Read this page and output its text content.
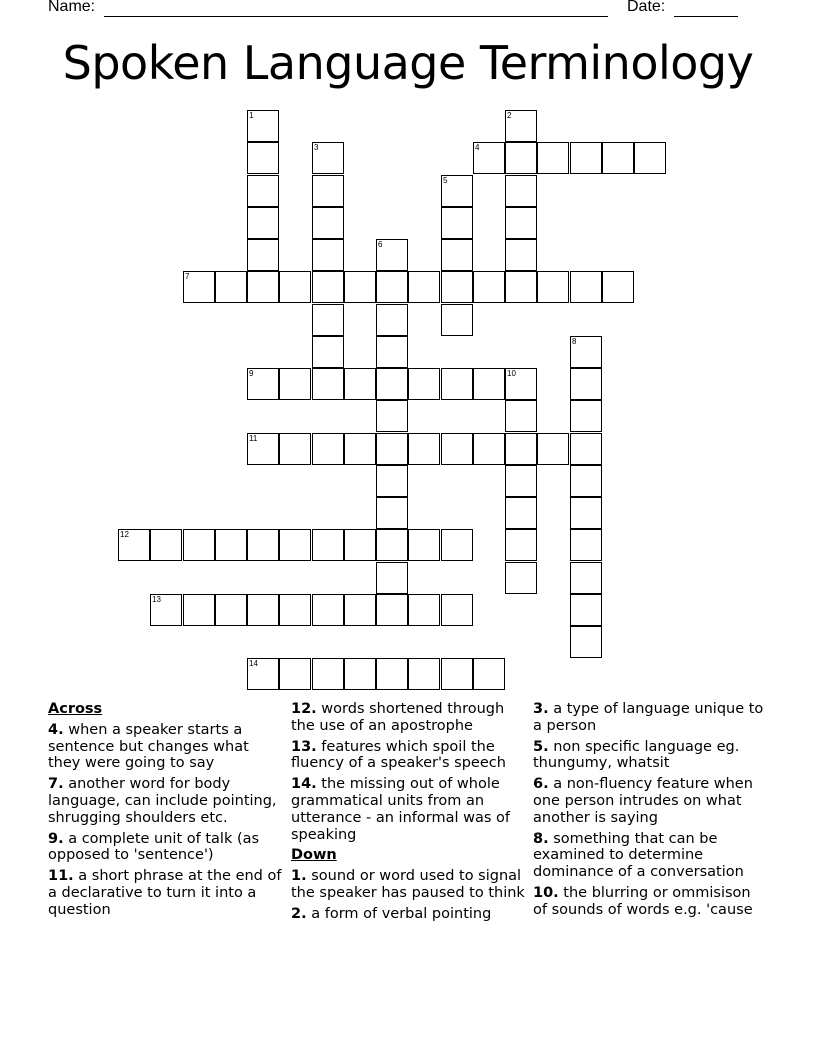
Name:	Date:
Spoken Language Terminology
4
7
9	10
11
12
13
14
1	2
3
5
6
8
Across
4. when a speaker starts a sentence but changes what they were going to say
7. another word for body language, can include pointing, shrugging shoulders etc.
9. a complete unit of talk (as opposed to 'sentence')
11. a short phrase at the end of a declarative to turn it into a question
12. words shortened through the use of an apostrophe
13. features which spoil the fluency of a speaker's speech
14. the missing out of whole grammatical units from an utterance - an informal was of speaking
Down
1. sound or word used to signal the speaker has paused to think
2. a form of verbal pointing
3. a type of language unique to a person
5. non specific language eg. thungumy, whatsit
6. a non-fluency feature when one person intrudes on what another is saying
8. something that can be examined to determine dominance of a conversation
10. the blurring or ommisison of sounds of words e.g. 'cause
